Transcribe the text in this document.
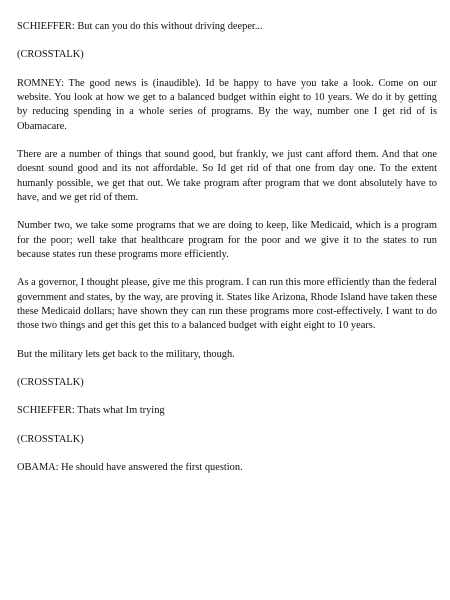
SCHIEFFER: But can you do this without driving deeper...

(CROSSTALK)

ROMNEY: The good news is (inaudible). Id be happy to have you take a look. Come on our website. You look at how we get to a balanced budget within eight to 10 years. We do it by getting by reducing spending in a whole series of programs. By the way, number one I get rid of is Obamacare.

There are a number of things that sound good, but frankly, we just cant afford them. And that one doesnt sound good and its not affordable. So Id get rid of that one from day one. To the extent humanly possible, we get that out. We take program after program that we dont absolutely have to have, and we get rid of them.

Number two, we take some programs that we are doing to keep, like Medicaid, which is a program for the poor; well take that healthcare program for the poor and we give it to the states to run because states run these programs more efficiently.

As a governor, I thought please, give me this program. I can run this more efficiently than the federal government and states, by the way, are proving it. States like Arizona, Rhode Island have taken these these Medicaid dollars; have shown they can run these programs more cost-effectively. I want to do those two things and get this get this to a balanced budget with eight eight to 10 years.

But the military lets get back to the military, though.

(CROSSTALK)

SCHIEFFER: Thats what Im trying

(CROSSTALK)

OBAMA: He should have answered the first question.
